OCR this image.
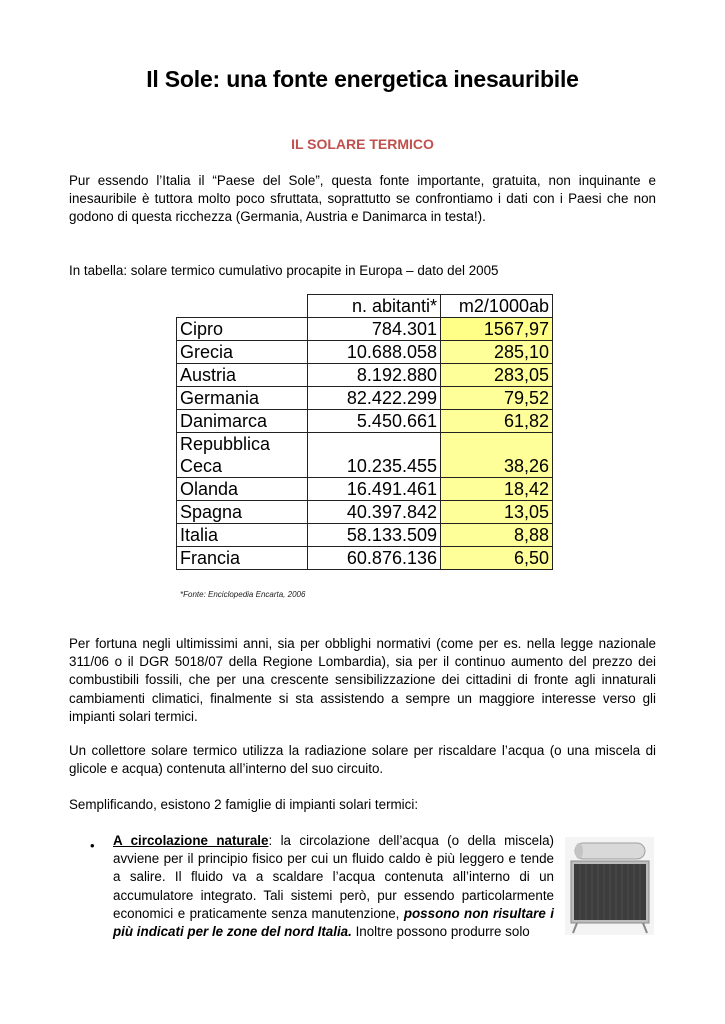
Il Sole: una fonte energetica inesauribile
IL SOLARE TERMICO
Pur essendo l’Italia il “Paese del Sole”, questa fonte importante, gratuita, non inquinante e inesauribile è tuttora molto poco sfruttata, soprattutto se confrontiamo i dati con i Paesi che non godono di questa ricchezza (Germania, Austria e Danimarca in testa!).
In tabella: solare termico cumulativo procapite in Europa – dato del 2005
	n. abitanti*	m2/1000ab
Cipro	784.301	1567,97
Grecia	10.688.058	285,10
Austria	8.192.880	283,05
Germania	82.422.299	79,52
Danimarca	5.450.661	61,82

Repubblica
Ceca	10.235.455	38,26
Olanda	16.491.461	18,42
Spagna	40.397.842	13,05
Italia	58.133.509	8,88
Francia	60.876.136	6,50
*Fonte: Enciclopedia Encarta, 2006
Per fortuna negli ultimissimi anni, sia per obblighi normativi (come per es. nella legge nazionale 311/06 o il DGR 5018/07 della Regione Lombardia), sia per il continuo aumento del prezzo dei combustibili fossili, che per una crescente sensibilizzazione dei cittadini di fronte agli innaturali cambiamenti climatici, finalmente si sta assistendo a sempre un maggiore interesse verso gli impianti solari termici.
Un collettore solare termico utilizza la radiazione solare per riscaldare l’acqua (o una miscela di glicole e acqua) contenuta all’interno del suo circuito.
Semplificando, esistono 2 famiglie di impianti solari termici:
• A circolazione naturale: la circolazione dell’acqua (o della miscela) avviene per il principio fisico per cui un fluido caldo è più leggero e tende a salire. Il fluido va a scaldare l’acqua contenuta all’interno di un accumulatore integrato. Tali sistemi però, pur essendo particolarmente economici e praticamente senza manutenzione, possono non risultare i più indicati per le zone del nord Italia. Inoltre possono produrre solo
